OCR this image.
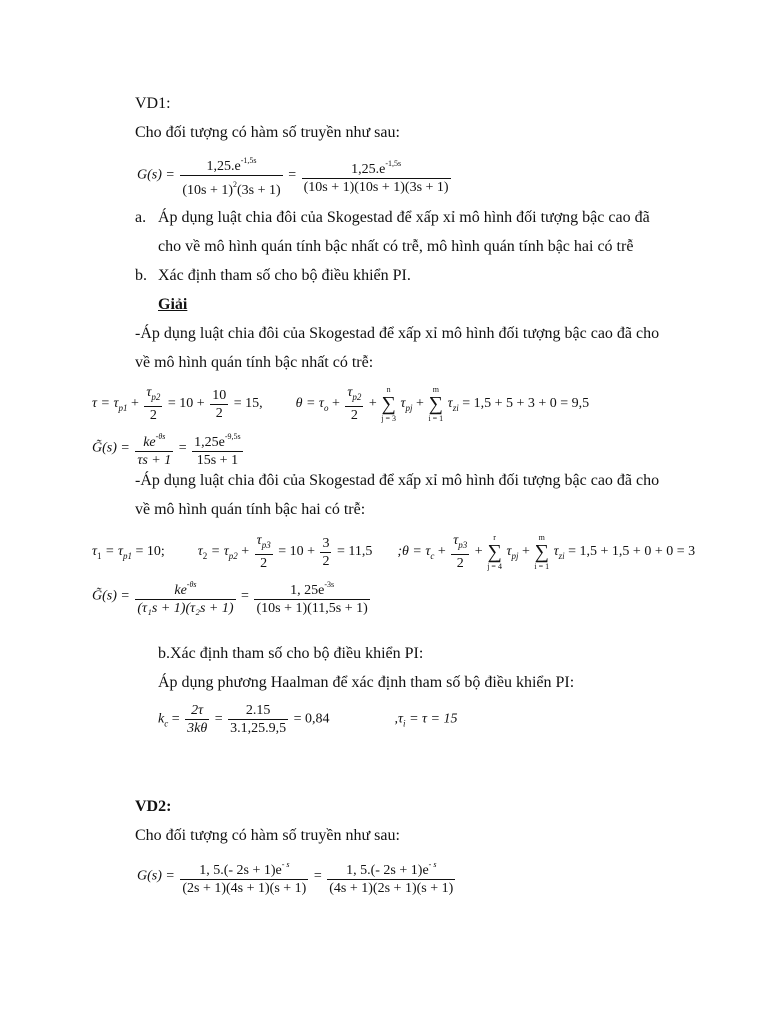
VD1:
Cho đối tượng có hàm số truyền như sau:
$G(s) = \frac{1,25.e^{-1,5s}}{(10s + 1)^2(3s + 1)} = \frac{1,25.e^{-1,5s}}{(10s + 1)(10s + 1)(3s + 1)}$
a. Áp dụng luật chia đôi của Skogestad để xấp xỉ mô hình đối tượng bậc cao đã
cho về mô hình quán tính bậc nhất có trễ, mô hình quán tính bậc hai có trễ
b. Xác định tham số cho bộ điều khiển PI.
Giải
-Áp dụng luật chia đôi của Skogestad để xấp xỉ mô hình đối tượng bậc cao đã cho
về mô hình quán tính bậc nhất có trễ:
$\tau = \tau_{p1} + \frac{\tau_{p2}}{2} = 10 + \frac{10}{2} = 15$, $\theta = \tau_o + \frac{\tau_{p2}}{2} + n$
∑
j = 3 $\tau_{pj} + m$
∑
i = 1 $\tau_{zi} = 1,5 + 5 + 3 + 0 = 9,5$
G̃(s) = $\frac{ke^{-\theta s}}{\tau s + 1} = \frac{1,25e^{-9,5s}}{15s + 1}$
-Áp dụng luật chia đôi của Skogestad để xấp xỉ mô hình đối tượng bậc cao đã cho
về mô hình quán tính bậc hai có trễ:
$\tau_1 = \tau_{p1} = 10$; $\tau_2 = \tau_{p2} + \frac{\tau_{p3}}{2} = 10 + \frac{3}{2} = 11,5$ ;θ = $\tau_c + \frac{\tau_{p3}}{2} + r$
∑
j = 4 $\tau_{pj} + m$
∑
i = 1 $\tau_{zi} = 1,5 + 1,5 + 0 + 0 = 3$
G̃(s) = $\frac{ke^{-\theta s}}{\text{(τ₁s + 1)(τ₂s + 1)}} = \frac{1, 25e^{-3s}}{(10s + 1)(11,5s + 1)}$
b.Xác định tham số cho bộ điều khiển PI:
Áp dụng phương Haalman để xác định tham số bộ điều khiển PI:
$k_c = \frac{2\tau}{3k\theta} = \frac{2.15}{3.1,25.9,5} = 0,84$	$,\tau_i = \tau = 15$
VD2:
Cho đối tượng có hàm số truyền như sau:
$G(s) = \frac{1, 5.(- 2s + 1)e^{- s}}{(2s + 1)(4s + 1)(s + 1)} = \frac{1, 5.(- 2s + 1)e^{- s}}{(4s + 1)(2s + 1)(s + 1)}$
